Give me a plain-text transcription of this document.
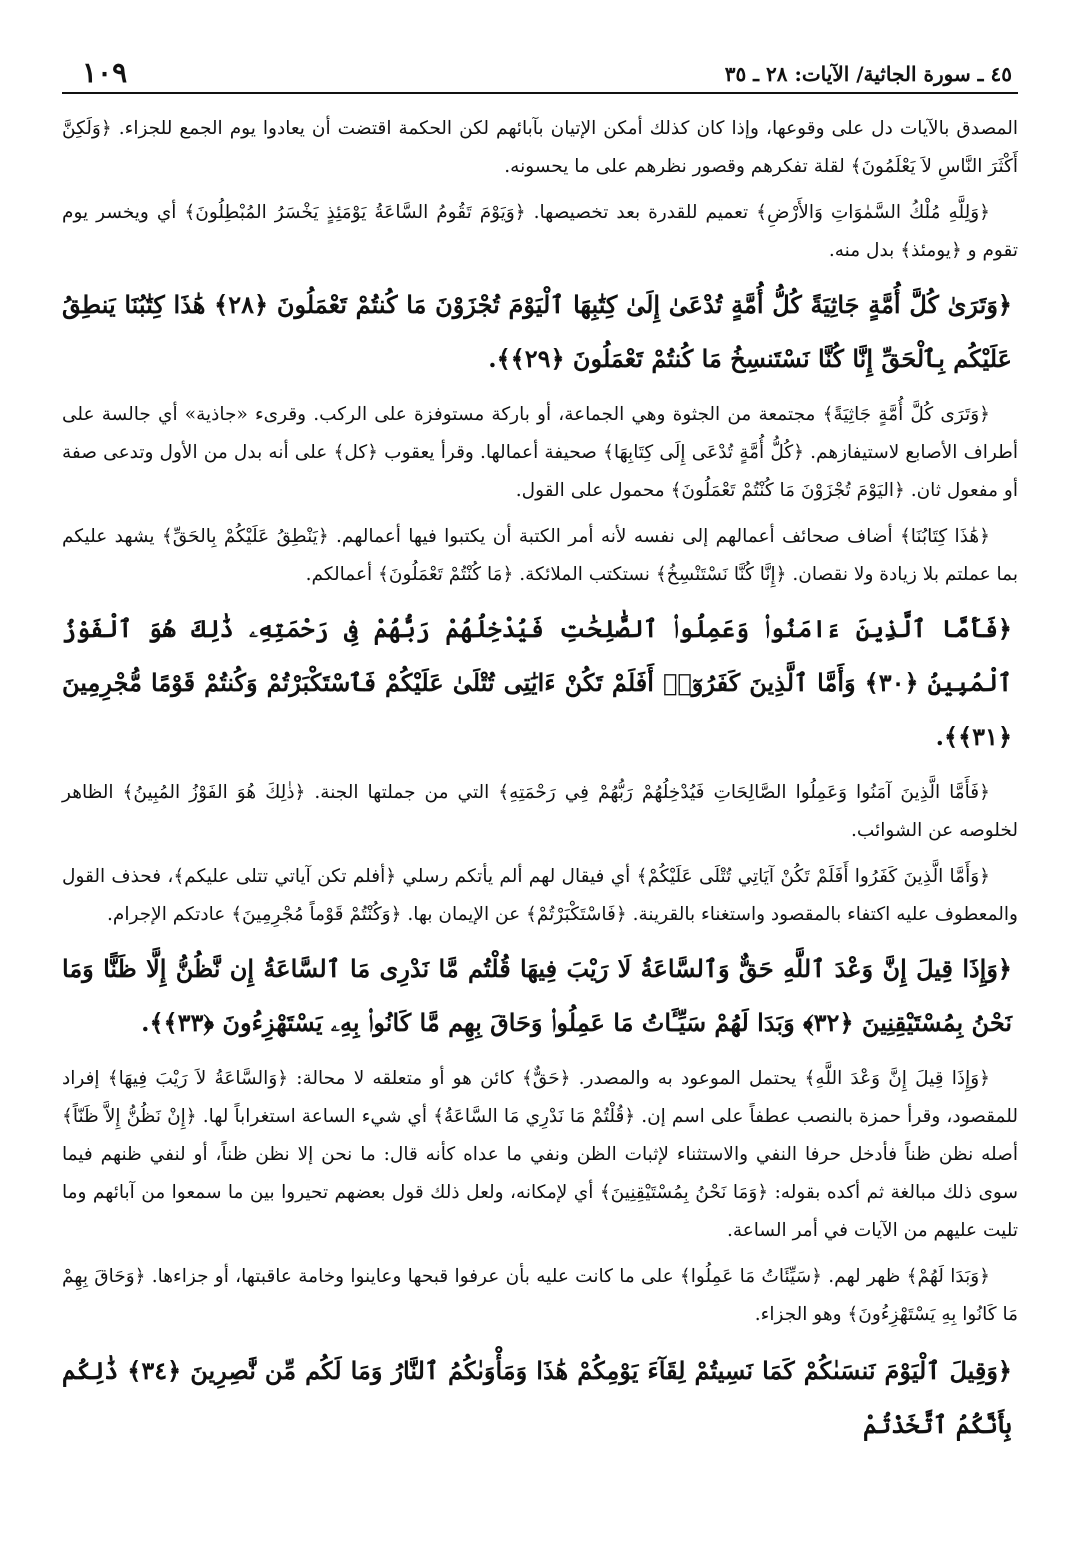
٤٥ ـ سورة الجاثية/ الآيات: ٢٨ ـ ٣٥
١٠٩

المصدق بالآيات دل على وقوعها، وإذا كان كذلك أمكن الإتيان بآبائهم لكن الحكمة اقتضت أن يعادوا يوم الجمع للجزاء. ﴿وَلَكِنَّ أَكْثَرَ النَّاسِ لاَ يَعْلَمُونَ﴾ لقلة تفكرهم وقصور نظرهم على ما يحسونه.

﴿وَلِلَّهِ مُلْكُ السَّمٰوَاتِ وَالأَرْضِ﴾ تعميم للقدرة بعد تخصيصها. ﴿وَيَوْمَ تَقُومُ السَّاعَةُ يَوْمَئِذٍ يَخْسَرُ المُبْطِلُونَ﴾ أي ويخسر يوم تقوم و ﴿يومئذ﴾ بدل منه.

﴿وَتَرَىٰ كُلَّ أُمَّةٍ جَاثِيَةً كُلُّ أُمَّةٍ تُدْعَىٰ إِلَىٰ كِتَٰبِهَا ٱلْيَوْمَ تُجْزَوْنَ مَا كُنتُمْ تَعْمَلُونَ ﴿٢٨﴾ هَٰذَا كِتَٰبُنَا يَنطِقُ عَلَيْكُم بِٱلْحَقِّ إِنَّا كُنَّا نَسْتَنسِخُ مَا كُنتُمْ تَعْمَلُونَ ﴿٢٩﴾﴾.

﴿وَتَرَى كُلَّ أُمَّةٍ جَاثِيَةً﴾ مجتمعة من الجثوة وهي الجماعة، أو باركة مستوفزة على الركب. وقرىء «جاذية» أي جالسة على أطراف الأصابع لاستيفازهم. ﴿كُلُّ أُمَّةٍ تُدْعَى إِلَى كِتَابِهَا﴾ صحيفة أعمالها. وقرأ يعقوب ﴿كل﴾ على أنه بدل من الأول وتدعى صفة أو مفعول ثان. ﴿اليَوْمَ تُجْزَوْنَ مَا كُنْتُمْ تَعْمَلُونَ﴾ محمول على القول.

﴿هَٰذَا كِتَابُنَا﴾ أضاف صحائف أعمالهم إلى نفسه لأنه أمر الكتبة أن يكتبوا فيها أعمالهم. ﴿يَنْطِقُ عَلَيْكُمْ بِالحَقِّ﴾ يشهد عليكم بما عملتم بلا زيادة ولا نقصان. ﴿إِنَّا كُنَّا نَسْتَنْسِخُ﴾ نستكتب الملائكة. ﴿مَا كُنْتُمْ تَعْمَلُونَ﴾ أعمالكم.

﴿فَأَمَّا ٱلَّذِينَ ءَامَنُوا۟ وَعَمِلُوا۟ ٱلصَّٰلِحَٰتِ فَيُدْخِلُهُمْ رَبُّهُمْ فِى رَحْمَتِهِۦ ذَٰلِكَ هُوَ ٱلْفَوْزُ ٱلْمُبِينُ ﴿٣٠﴾ وَأَمَّا ٱلَّذِينَ كَفَرُوٓا۟ أَفَلَمْ تَكُنْ ءَايَٰتِى تُتْلَىٰ عَلَيْكُمْ فَٱسْتَكْبَرْتُمْ وَكُنتُمْ قَوْمًا مُّجْرِمِينَ ﴿٣١﴾﴾.

﴿فَأَمَّا الَّذِينَ آمَنُوا وَعَمِلُوا الصَّالِحَاتِ فَيُدْخِلُهُمْ رَبُّهُمْ فِي رَحْمَتِهِ﴾ التي من جملتها الجنة. ﴿ذٰلِكَ هُوَ الفَوْزُ المُبِينُ﴾ الظاهر لخلوصه عن الشوائب.

﴿وَأَمَّا الَّذِينَ كَفَرُوا أَفَلَمْ تَكُنْ آيَاتِي تُتْلَى عَلَيْكُمْ﴾ أي فيقال لهم ألم يأتكم رسلي ﴿أفلم تكن آياتي تتلى عليكم﴾، فحذف القول والمعطوف عليه اكتفاء بالمقصود واستغناء بالقرينة. ﴿فَاسْتَكْبَرْتُمْ﴾ عن الإيمان بها. ﴿وَكُنْتُمْ قَوْماً مُجْرِمِينَ﴾ عادتكم الإجرام.

﴿وَإِذَا قِيلَ إِنَّ وَعْدَ ٱللَّهِ حَقٌّ وَٱلسَّاعَةُ لَا رَيْبَ فِيهَا قُلْتُم مَّا نَدْرِى مَا ٱلسَّاعَةُ إِن نَّظُنُّ إِلَّا ظَنًّا وَمَا نَحْنُ بِمُسْتَيْقِنِينَ ﴿٣٢﴾ وَبَدَا لَهُمْ سَيِّـَٔاتُ مَا عَمِلُوا۟ وَحَاقَ بِهِم مَّا كَانُوا۟ بِهِۦ يَسْتَهْزِءُونَ ﴿٣٣﴾﴾.

﴿وَإِذَا قِيلَ إِنَّ وَعْدَ اللَّهِ﴾ يحتمل الموعود به والمصدر. ﴿حَقٌّ﴾ كائن هو أو متعلقه لا محالة: ﴿وَالسَّاعَةُ لاَ رَيْبَ فِيهَا﴾ إفراد للمقصود، وقرأ حمزة بالنصب عطفاً على اسم إن. ﴿قُلْتُمْ مَا نَدْرِي مَا السَّاعَةُ﴾ أي شيء الساعة استغراباً لها. ﴿إِنْ نَظُنُّ إِلاَّ ظَنّاً﴾ أصله نظن ظناً فأدخل حرفا النفي والاستثناء لإثبات الظن ونفي ما عداه كأنه قال: ما نحن إلا نظن ظناً، أو لنفي ظنهم فيما سوى ذلك مبالغة ثم أكده بقوله: ﴿وَمَا نَحْنُ بِمُسْتَيْقِنِينَ﴾ أي لإمكانه، ولعل ذلك قول بعضهم تحيروا بين ما سمعوا من آبائهم وما تليت عليهم من الآيات في أمر الساعة.

﴿وَبَدَا لَهُمْ﴾ ظهر لهم. ﴿سَيِّئَاتُ مَا عَمِلُوا﴾ على ما كانت عليه بأن عرفوا قبحها وعاينوا وخامة عاقبتها، أو جزاءها. ﴿وَحَاقَ بِهِمْ مَا كَانُوا بِهِ يَسْتَهْزِءُونَ﴾ وهو الجزاء.

﴿وَقِيلَ ٱلْيَوْمَ نَنسَىٰكُمْ كَمَا نَسِيتُمْ لِقَآءَ يَوْمِكُمْ هَٰذَا وَمَأْوَىٰكُمُ ٱلنَّارُ وَمَا لَكُم مِّن نَّٰصِرِينَ ﴿٣٤﴾ ذَٰلِكُم بِأَنَّكُمُ ٱتَّخَذْتُمْ
